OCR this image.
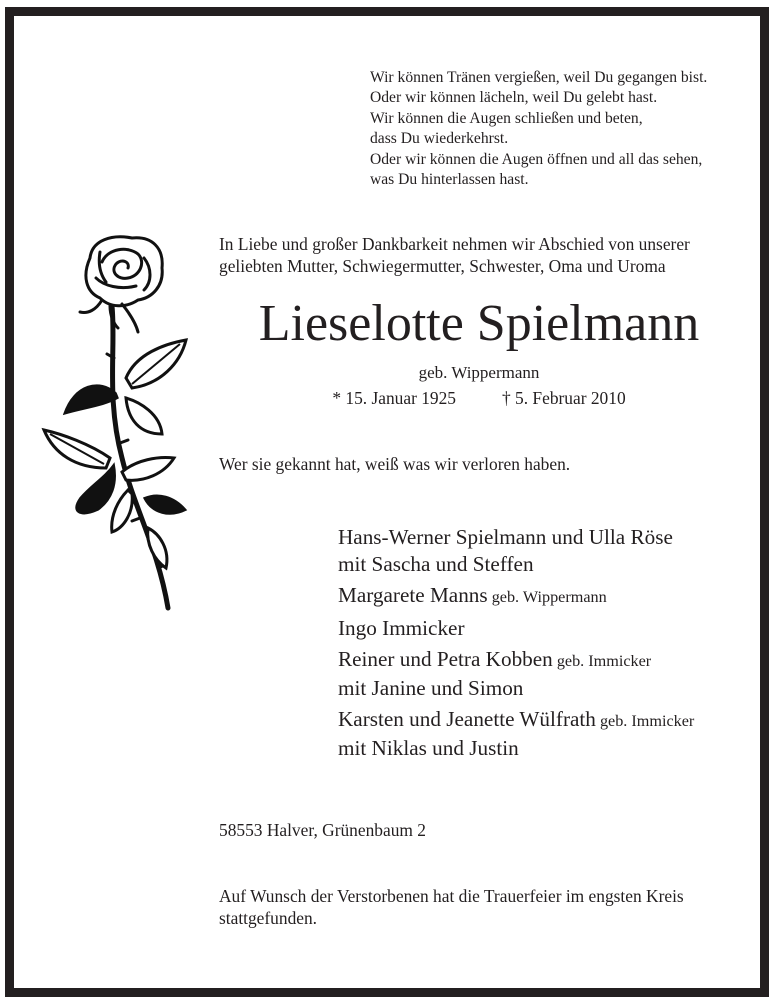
Wir können Tränen vergießen, weil Du gegangen bist.
Oder wir können lächeln, weil Du gelebt hast.
Wir können die Augen schließen und beten,
dass Du wiederkehrst.
Oder wir können die Augen öffnen und all das sehen,
was Du hinterlassen hast.
In Liebe und großer Dankbarkeit nehmen wir Abschied von unserer
geliebten Mutter, Schwiegermutter, Schwester, Oma und Uroma
Lieselotte Spielmann
geb. Wippermann
* 15. Januar 1925	† 5. Februar 2010
Wer sie gekannt hat, weiß was wir verloren haben.
Hans-Werner Spielmann und Ulla Röse
mit Sascha und Steffen
Margarete Manns geb. Wippermann
Ingo Immicker
Reiner und Petra Kobben geb. Immicker
mit Janine und Simon
Karsten und Jeanette Wülfrath geb. Immicker
mit Niklas und Justin
58553 Halver, Grünenbaum 2
Auf Wunsch der Verstorbenen hat die Trauerfeier im engsten Kreis
stattgefunden.
